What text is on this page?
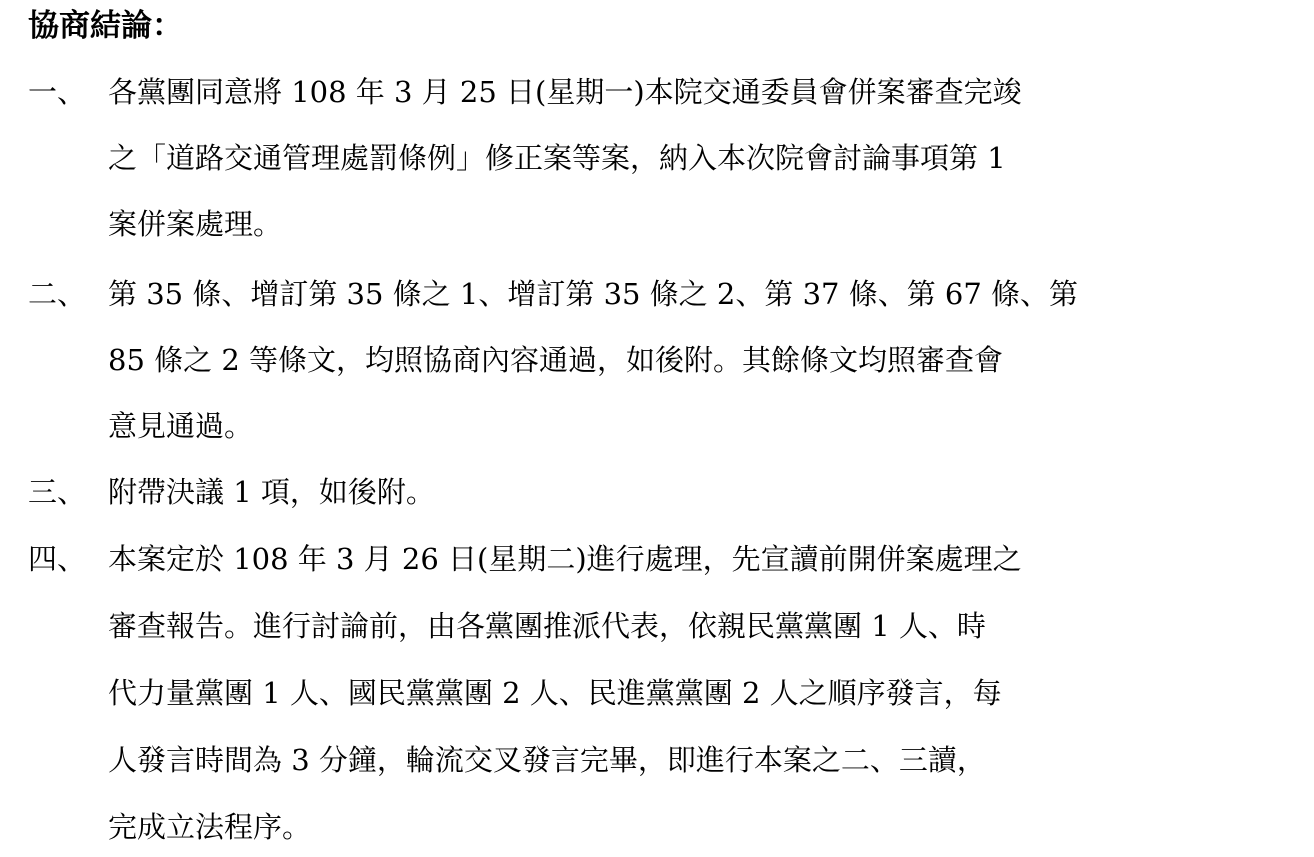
協商結論：
一、 各黨團同意將 108 年 3 月 25 日(星期一)本院交通委員會併案審查完竣
之「道路交通管理處罰條例」修正案等案，納入本次院會討論事項第 1
案併案處理。
二、 第 35 條、增訂第 35 條之 1、增訂第 35 條之 2、第 37 條、第 67 條、第
85 條之 2 等條文，均照協商內容通過，如後附。其餘條文均照審查會
意見通過。
三、 附帶決議 1 項，如後附。
四、 本案定於 108 年 3 月 26 日(星期二)進行處理，先宣讀前開併案處理之
審查報告。進行討論前，由各黨團推派代表，依親民黨黨團 1 人、時
代力量黨團 1 人、國民黨黨團 2 人、民進黨黨團 2 人之順序發言，每
人發言時間為 3 分鐘，輪流交叉發言完畢，即進行本案之二、三讀，
完成立法程序。
